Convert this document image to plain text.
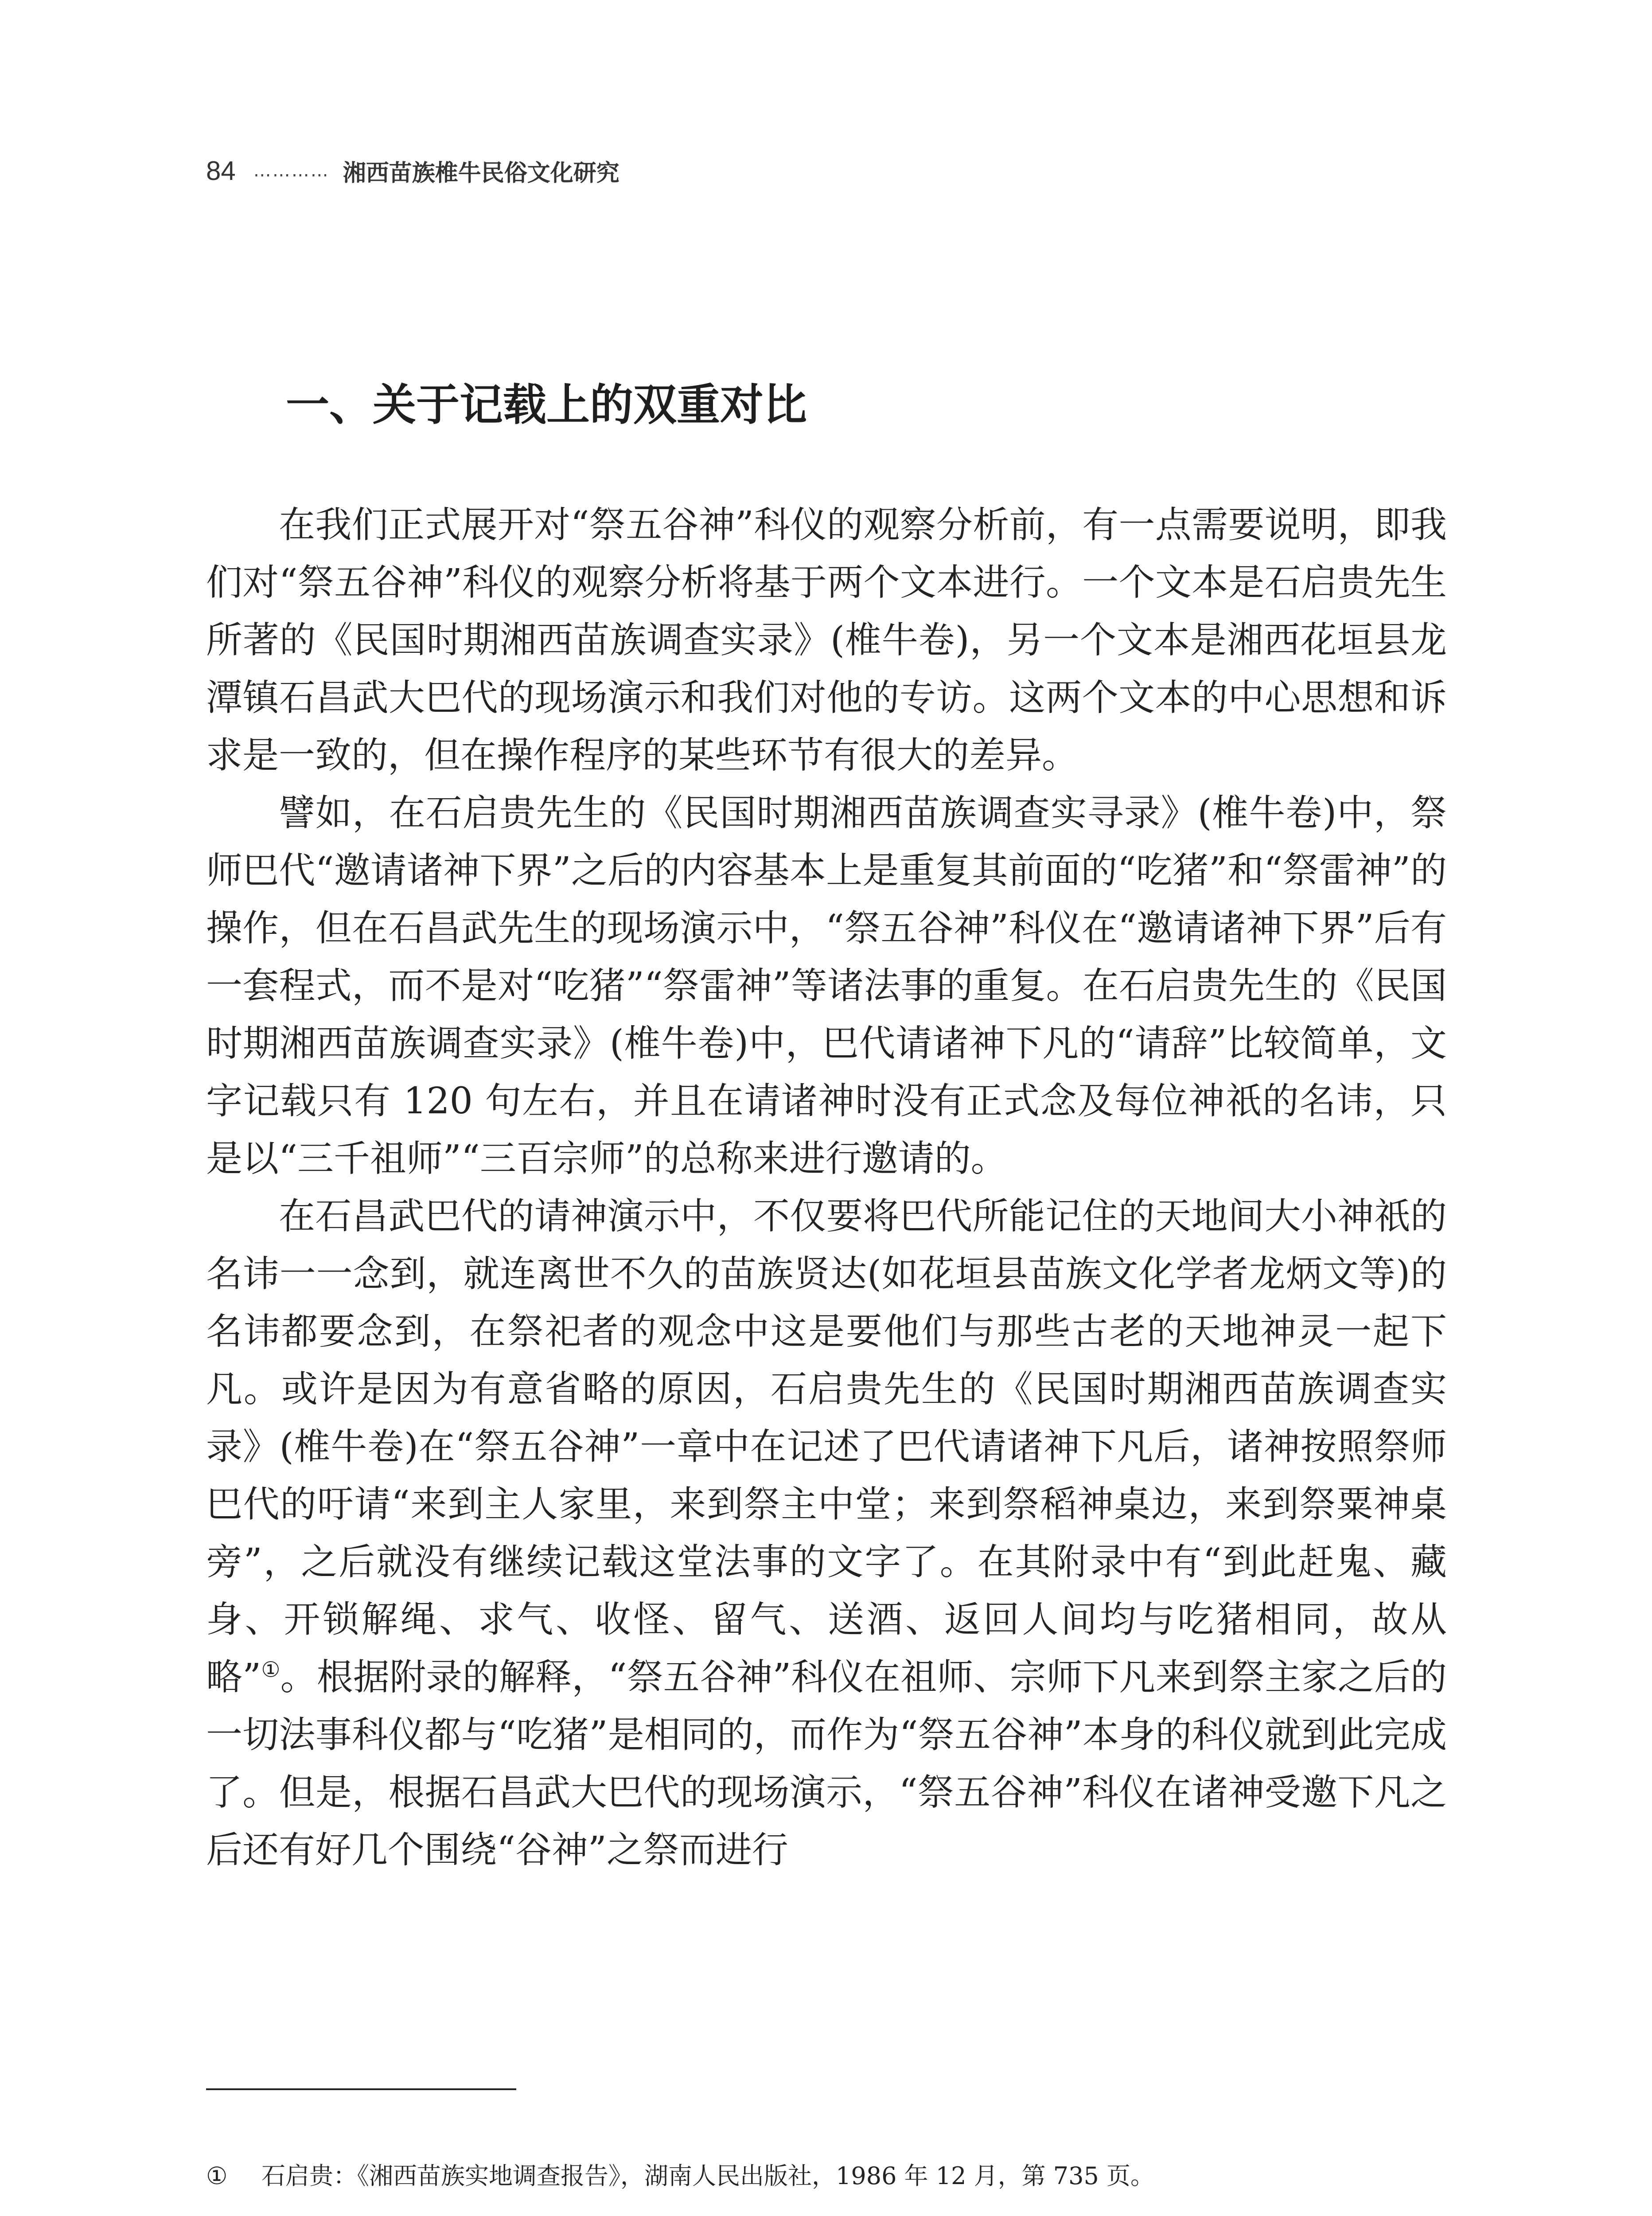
84 ………… 湘西苗族椎牛民俗文化研究
一、关于记载上的双重对比

在我们正式展开对“祭五谷神”科仪的观察分析前，有一点需要说明，即我们对“祭五谷神”科仪的观察分析将基于两个文本进行。一个文本是石启贵先生所著的《民国时期湘西苗族调查实录》(椎牛卷)，另一个文本是湘西花垣县龙潭镇石昌武大巴代的现场演示和我们对他的专访。这两个文本的中心思想和诉求是一致的，但在操作程序的某些环节有很大的差异。

譬如，在石启贵先生的《民国时期湘西苗族调查实寻录》(椎牛卷)中，祭师巴代“邀请诸神下界”之后的内容基本上是重复其前面的“吃猪”和“祭雷神”的操作，但在石昌武先生的现场演示中，“祭五谷神”科仪在“邀请诸神下界”后有一套程式，而不是对“吃猪”“祭雷神”等诸法事的重复。在石启贵先生的《民国时期湘西苗族调查实录》(椎牛卷)中，巴代请诸神下凡的“请辞”比较简单，文字记载只有 120 句左右，并且在请诸神时没有正式念及每位神祇的名讳，只是以“三千祖师”“三百宗师”的总称来进行邀请的。

在石昌武巴代的请神演示中，不仅要将巴代所能记住的天地间大小神祇的名讳一一念到，就连离世不久的苗族贤达(如花垣县苗族文化学者龙炳文等)的名讳都要念到，在祭祀者的观念中这是要他们与那些古老的天地神灵一起下凡。或许是因为有意省略的原因，石启贵先生的《民国时期湘西苗族调查实录》(椎牛卷)在“祭五谷神”一章中在记述了巴代请诸神下凡后，诸神按照祭师巴代的吁请“来到主人家里，来到祭主中堂；来到祭稻神桌边，来到祭粟神桌旁”，之后就没有继续记载这堂法事的文字了。在其附录中有“到此赶鬼、藏身、开锁解绳、求气、收怪、留气、送酒、返回人间均与吃猪相同，故从略”①。根据附录的解释，“祭五谷神”科仪在祖师、宗师下凡来到祭主家之后的一切法事科仪都与“吃猪”是相同的，而作为“祭五谷神”本身的科仪就到此完成了。但是，根据石昌武大巴代的现场演示，“祭五谷神”科仪在诸神受邀下凡之后还有好几个围绕“谷神”之祭而进行

① 石启贵：《湘西苗族实地调查报告》，湖南人民出版社，1986 年 12 月，第 735 页。
